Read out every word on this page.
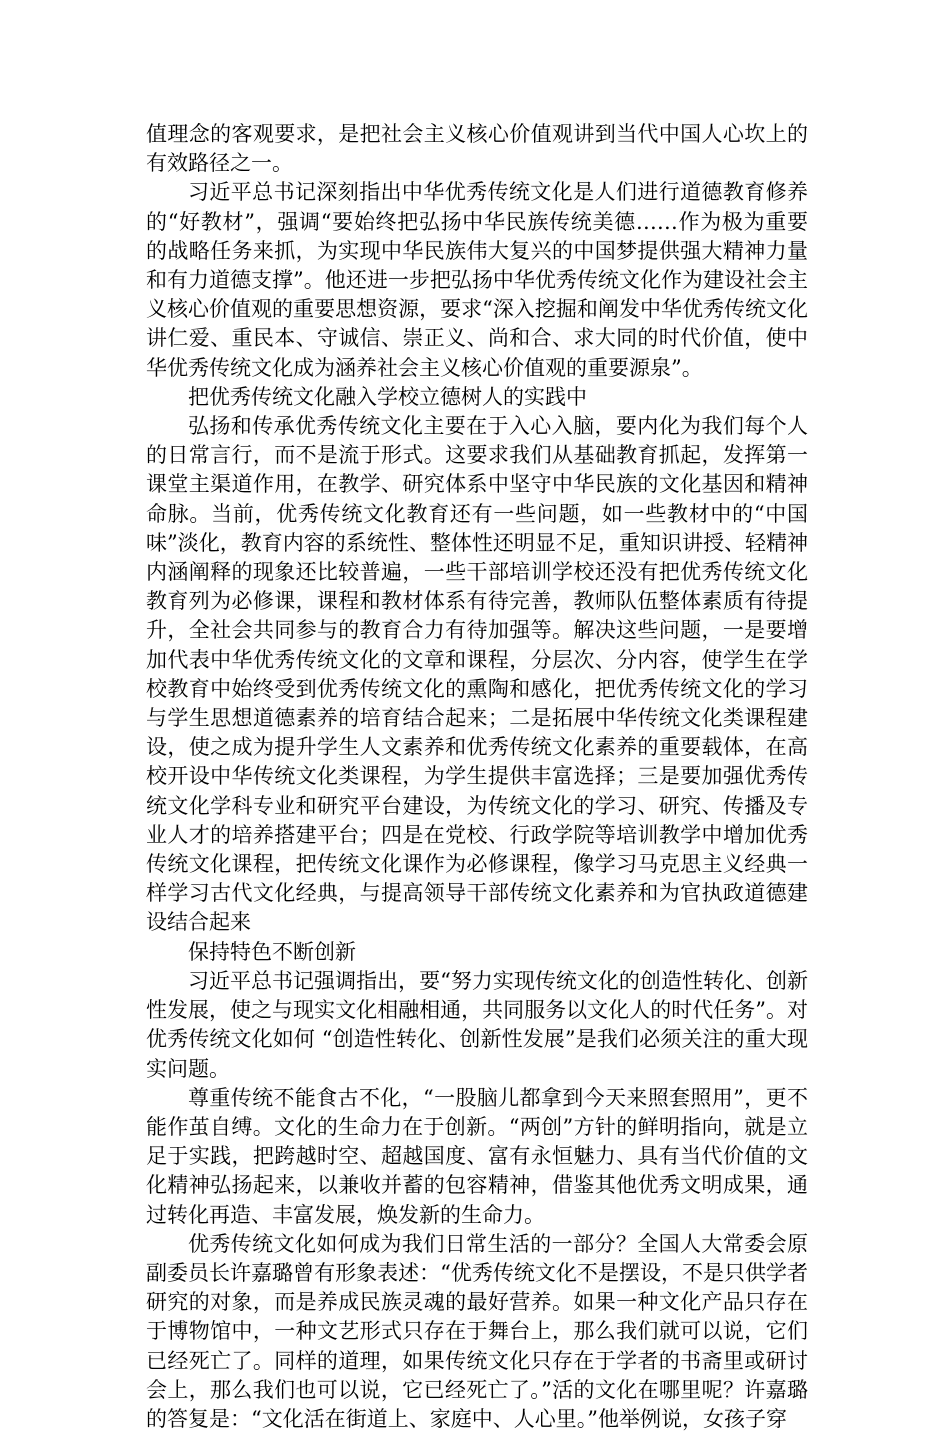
值理念的客观要求，是把社会主义核心价值观讲到当代中国人心坎上的有效路径之一。

习近平总书记深刻指出中华优秀传统文化是人们进行道德教育修养的“好教材”，强调“要始终把弘扬中华民族传统美德……作为极为重要的战略任务来抓，为实现中华民族伟大复兴的中国梦提供强大精神力量和有力道德支撑”。他还进一步把弘扬中华优秀传统文化作为建设社会主义核心价值观的重要思想资源，要求“深入挖掘和阐发中华优秀传统文化讲仁爱、重民本、守诚信、崇正义、尚和合、求大同的时代价值，使中华优秀传统文化成为涵养社会主义核心价值观的重要源泉”。

把优秀传统文化融入学校立德树人的实践中

弘扬和传承优秀传统文化主要在于入心入脑，要内化为我们每个人的日常言行，而不是流于形式。这要求我们从基础教育抓起，发挥第一课堂主渠道作用，在教学、研究体系中坚守中华民族的文化基因和精神命脉。当前，优秀传统文化教育还有一些问题，如一些教材中的“中国味”淡化，教育内容的系统性、整体性还明显不足，重知识讲授、轻精神内涵阐释的现象还比较普遍，一些干部培训学校还没有把优秀传统文化教育列为必修课，课程和教材体系有待完善，教师队伍整体素质有待提升，全社会共同参与的教育合力有待加强等。解决这些问题，一是要增加代表中华优秀传统文化的文章和课程，分层次、分内容，使学生在学校教育中始终受到优秀传统文化的熏陶和感化，把优秀传统文化的学习与学生思想道德素养的培育结合起来；二是拓展中华传统文化类课程建设，使之成为提升学生人文素养和优秀传统文化素养的重要载体，在高校开设中华传统文化类课程，为学生提供丰富选择；三是要加强优秀传统文化学科专业和研究平台建设，为传统文化的学习、研究、传播及专业人才的培养搭建平台；四是在党校、行政学院等培训教学中增加优秀传统文化课程，把传统文化课作为必修课程，像学习马克思主义经典一样学习古代文化经典，与提高领导干部传统文化素养和为官执政道德建设结合起来

保持特色不断创新

习近平总书记强调指出，要“努力实现传统文化的创造性转化、创新性发展，使之与现实文化相融相通，共同服务以文化人的时代任务”。对优秀传统文化如何 “创造性转化、创新性发展”是我们必须关注的重大现实问题。

尊重传统不能食古不化，“一股脑儿都拿到今天来照套照用”，更不能作茧自缚。文化的生命力在于创新。“两创”方针的鲜明指向，就是立足于实践，把跨越时空、超越国度、富有永恒魅力、具有当代价值的文化精神弘扬起来，以兼收并蓄的包容精神，借鉴其他优秀文明成果，通过转化再造、丰富发展，焕发新的生命力。

优秀传统文化如何成为我们日常生活的一部分？全国人大常委会原副委员长许嘉璐曾有形象表述：“优秀传统文化不是摆设，不是只供学者研究的对象，而是养成民族灵魂的最好营养。如果一种文化产品只存在于博物馆中，一种文艺形式只存在于舞台上，那么我们就可以说，它们已经死亡了。同样的道理，如果传统文化只存在于学者的书斋里或研讨会上，那么我们也可以说，它已经死亡了。”活的文化在哪里呢？许嘉璐的答复是：“文化活在街道上、家庭中、人心里。”他举例说，女孩子穿
